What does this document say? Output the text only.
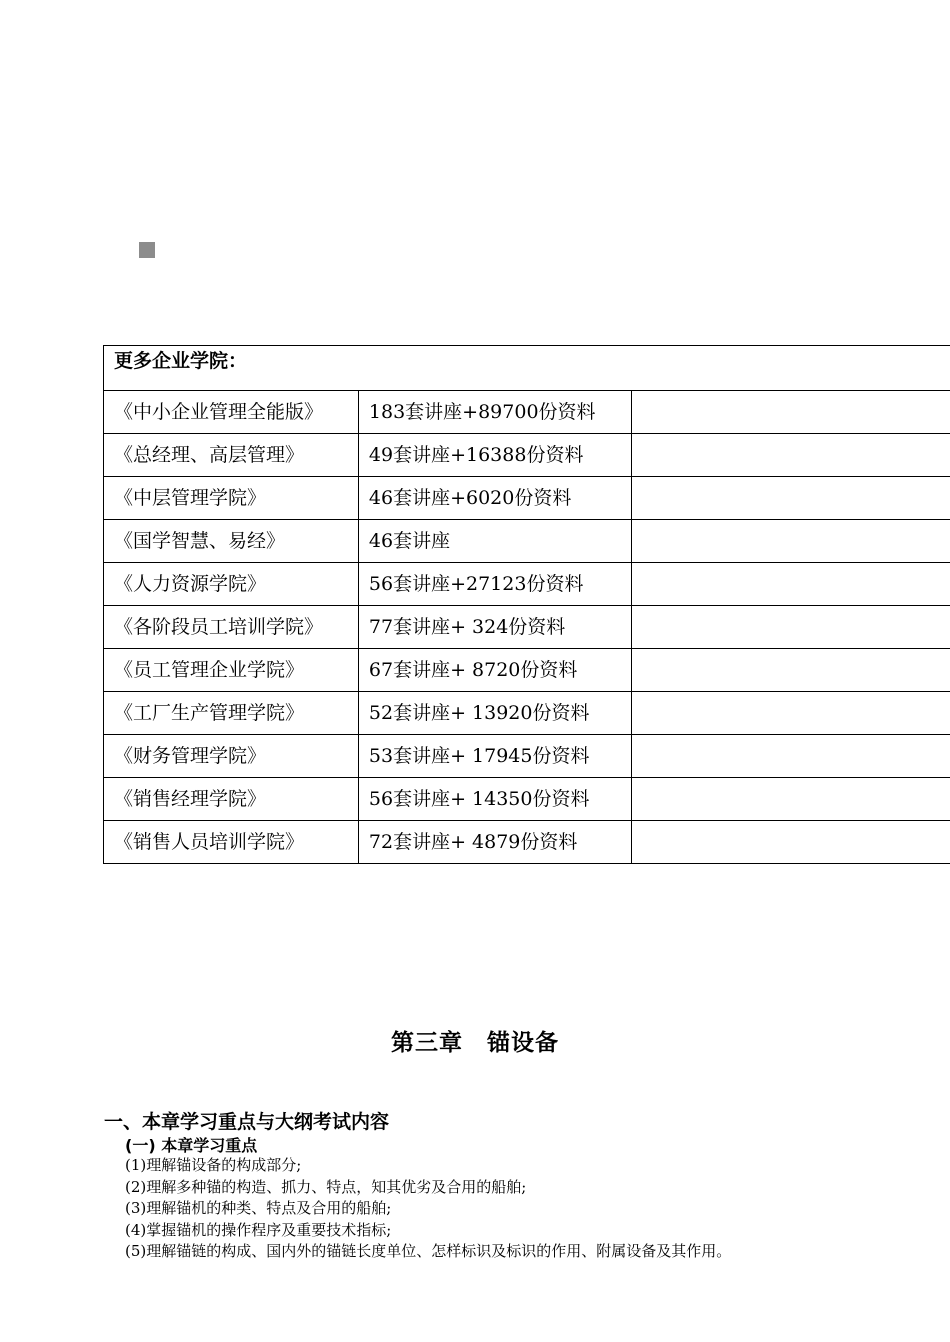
更多企业学院：		
《中小企业管理全能版》	183套讲座+89700份资料	
《总经理、高层管理》	49套讲座+16388份资料	
《中层管理学院》	46套讲座+6020份资料	
《国学智慧、易经》	46套讲座	
《人力资源学院》	56套讲座+27123份资料	
《各阶段员工培训学院》	77套讲座+ 324份资料	
《员工管理企业学院》	67套讲座+ 8720份资料	
《工厂生产管理学院》	52套讲座+ 13920份资料	
《财务管理学院》	53套讲座+ 17945份资料	
《销售经理学院》	56套讲座+ 14350份资料	
《销售人员培训学院》	72套讲座+ 4879份资料	
第三章　锚设备
一、本章学习重点与大纲考试内容
(一) 本章学习重点
(1)理解锚设备的构成部分;
(2)理解多种锚的构造、抓力、特点，知其优劣及合用的船舶;
(3)理解锚机的种类、特点及合用的船舶;
(4)掌握锚机的操作程序及重要技术指标;
(5)理解锚链的构成、国内外的锚链长度单位、怎样标识及标识的作用、附属设备及其作用。
